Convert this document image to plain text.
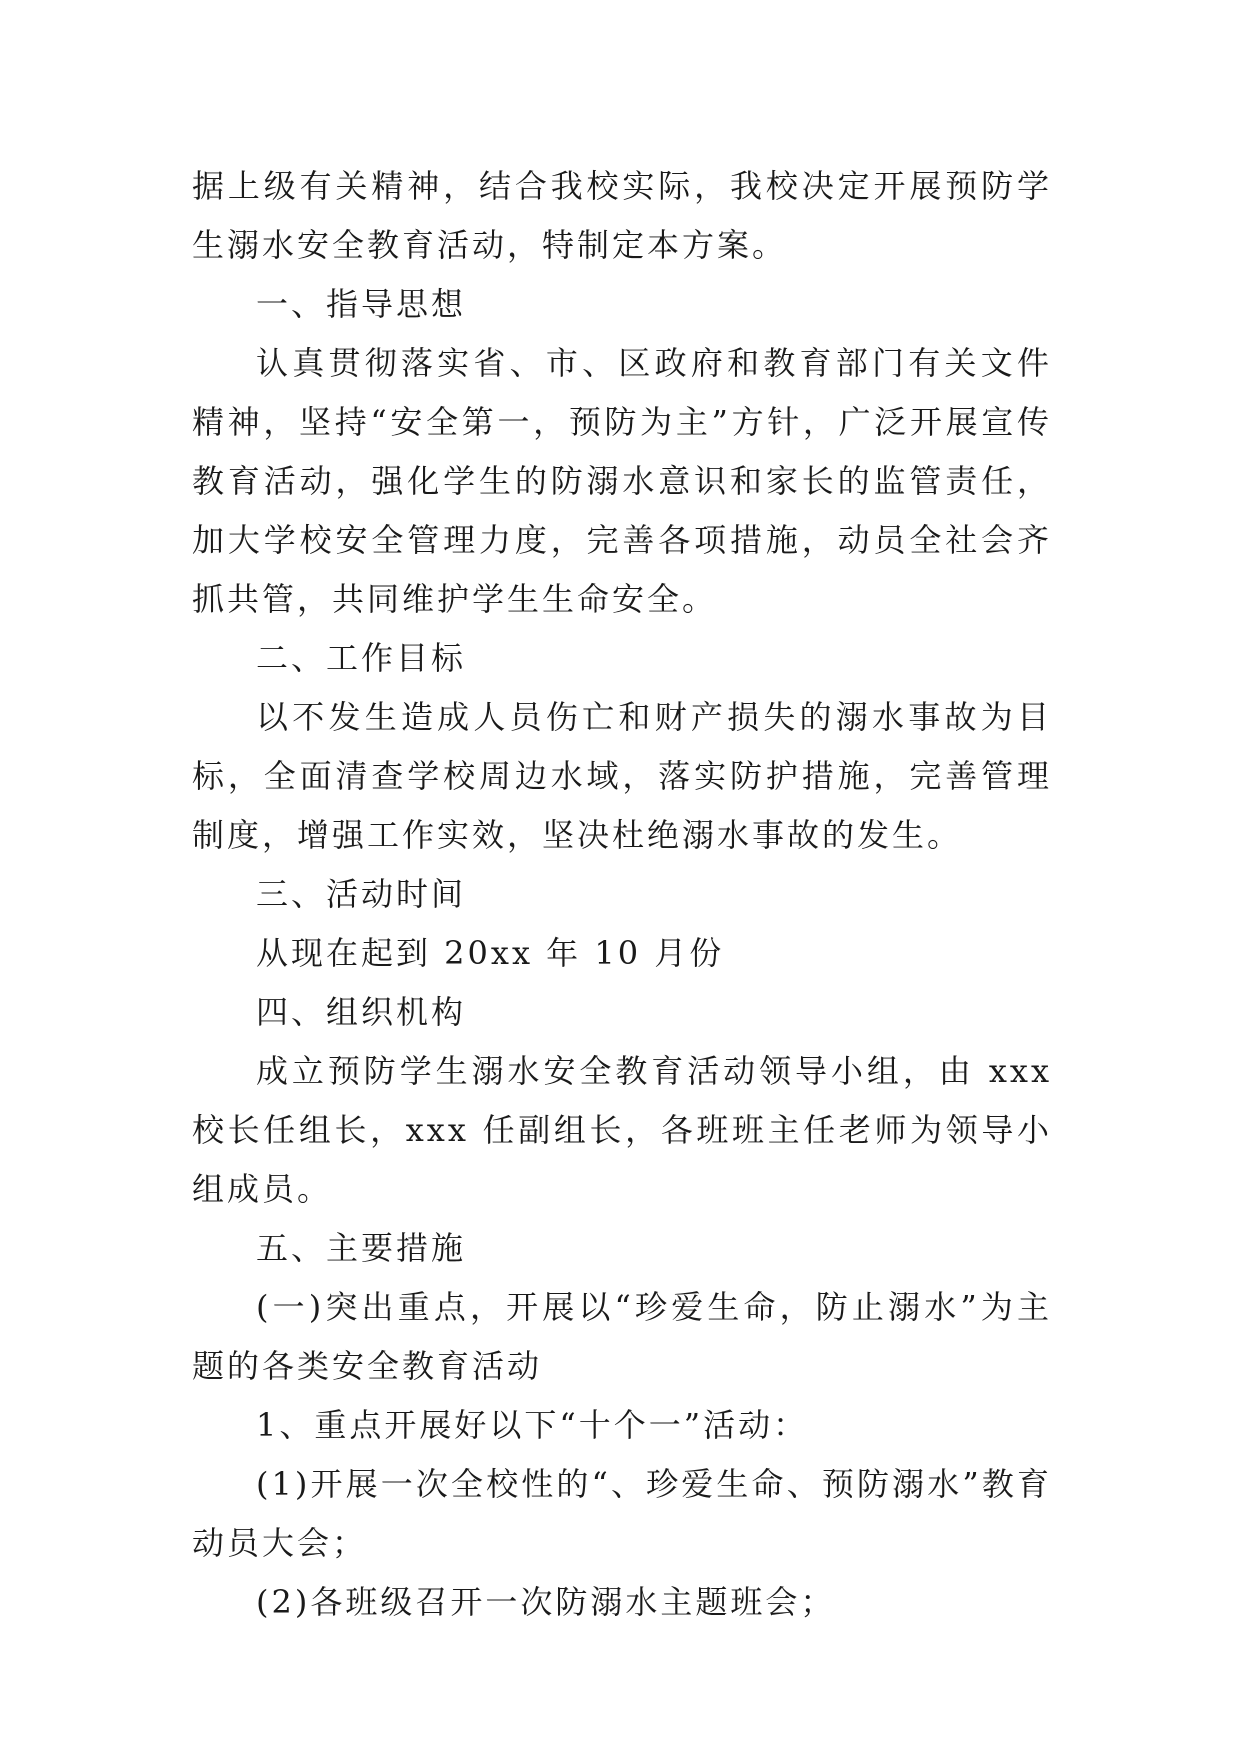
据上级有关精神，结合我校实际，我校决定开展预防学生溺水安全教育活动，特制定本方案。

一、指导思想

认真贯彻落实省、市、区政府和教育部门有关文件精神，坚持“安全第一，预防为主”方针，广泛开展宣传教育活动，强化学生的防溺水意识和家长的监管责任，加大学校安全管理力度，完善各项措施，动员全社会齐抓共管，共同维护学生生命安全。

二、工作目标

以不发生造成人员伤亡和财产损失的溺水事故为目标，全面清查学校周边水域，落实防护措施，完善管理制度，增强工作实效，坚决杜绝溺水事故的发生。

三、活动时间

从现在起到 20xx 年 10 月份

四、组织机构

成立预防学生溺水安全教育活动领导小组，由 xxx 校长任组长，xxx 任副组长，各班班主任老师为领导小组成员。

五、主要措施

(一)突出重点，开展以“珍爱生命，防止溺水”为主题的各类安全教育活动

1、重点开展好以下“十个一”活动：

(1)开展一次全校性的“、珍爱生命、预防溺水”教育动员大会；

(2)各班级召开一次防溺水主题班会；
